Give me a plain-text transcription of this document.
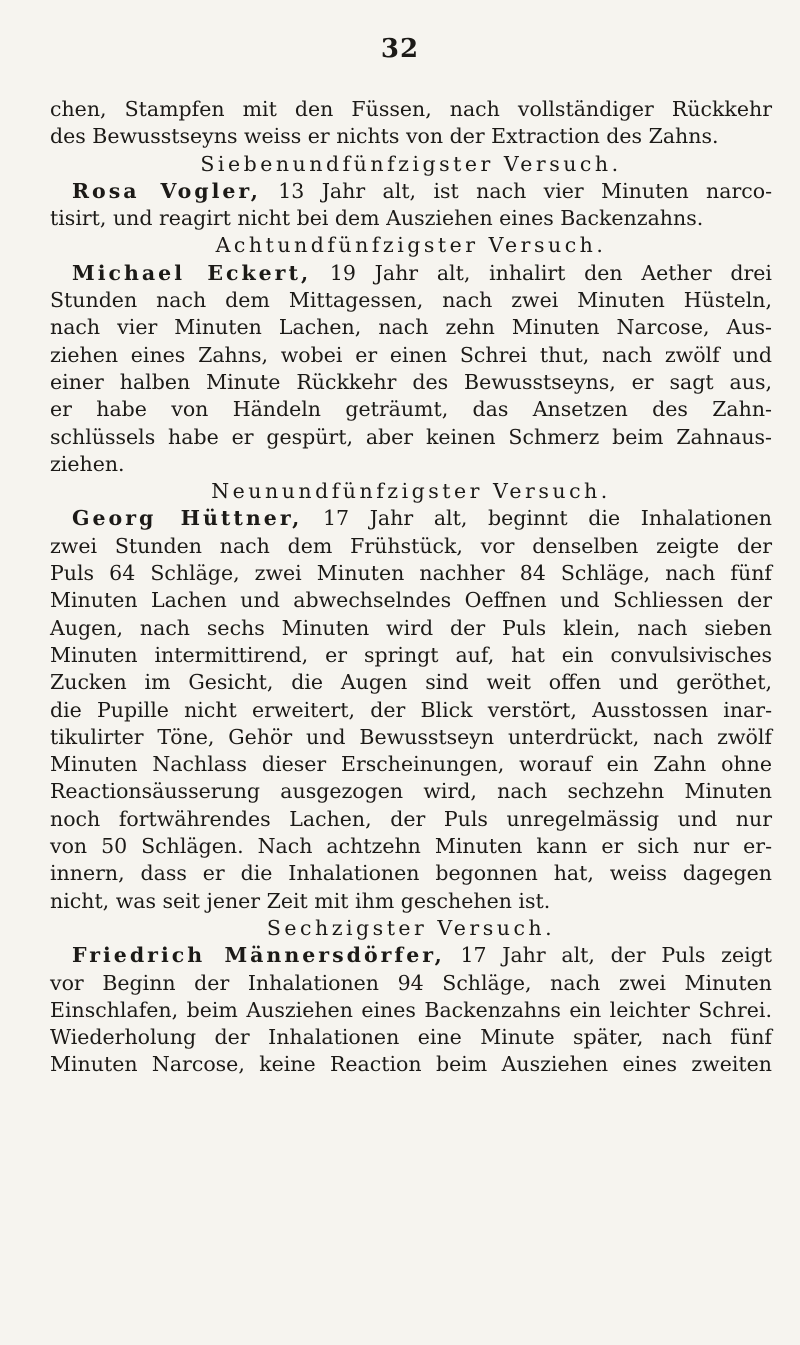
32
chen, Stampfen mit den Füssen, nach vollständiger Rückkehr
des Bewusstseyns weiss er nichts von der Extraction des Zahns.
Siebenundfünfzigster Versuch.
Rosa Vogler, 13 Jahr alt, ist nach vier Minuten narco-
tisirt, und reagirt nicht bei dem Ausziehen eines Backenzahns.
Achtundfünfzigster Versuch.
Michael Eckert, 19 Jahr alt, inhalirt den Aether drei
Stunden nach dem Mittagessen, nach zwei Minuten Hüsteln,
nach vier Minuten Lachen, nach zehn Minuten Narcose, Aus-
ziehen eines Zahns, wobei er einen Schrei thut, nach zwölf und
einer halben Minute Rückkehr des Bewusstseyns, er sagt aus,
er habe von Händeln geträumt, das Ansetzen des Zahn-
schlüssels habe er gespürt, aber keinen Schmerz beim Zahnaus-
ziehen.
Neunundfünfzigster Versuch.
Georg Hüttner, 17 Jahr alt, beginnt die Inhalationen
zwei Stunden nach dem Frühstück, vor denselben zeigte der
Puls 64 Schläge, zwei Minuten nachher 84 Schläge, nach fünf
Minuten Lachen und abwechselndes Oeffnen und Schliessen der
Augen, nach sechs Minuten wird der Puls klein, nach sieben
Minuten intermittirend, er springt auf, hat ein convulsivisches
Zucken im Gesicht, die Augen sind weit offen und geröthet,
die Pupille nicht erweitert, der Blick verstört, Ausstossen inar-
tikulirter Töne, Gehör und Bewusstseyn unterdrückt, nach zwölf
Minuten Nachlass dieser Erscheinungen, worauf ein Zahn ohne
Reactionsäusserung ausgezogen wird, nach sechzehn Minuten
noch fortwährendes Lachen, der Puls unregelmässig und nur
von 50 Schlägen. Nach achtzehn Minuten kann er sich nur er-
innern, dass er die Inhalationen begonnen hat, weiss dagegen
nicht, was seit jener Zeit mit ihm geschehen ist.
Sechzigster Versuch.
Friedrich Männersdörfer, 17 Jahr alt, der Puls zeigt
vor Beginn der Inhalationen 94 Schläge, nach zwei Minuten
Einschlafen, beim Ausziehen eines Backenzahns ein leichter Schrei.
Wiederholung der Inhalationen eine Minute später, nach fünf
Minuten Narcose, keine Reaction beim Ausziehen eines zweiten
